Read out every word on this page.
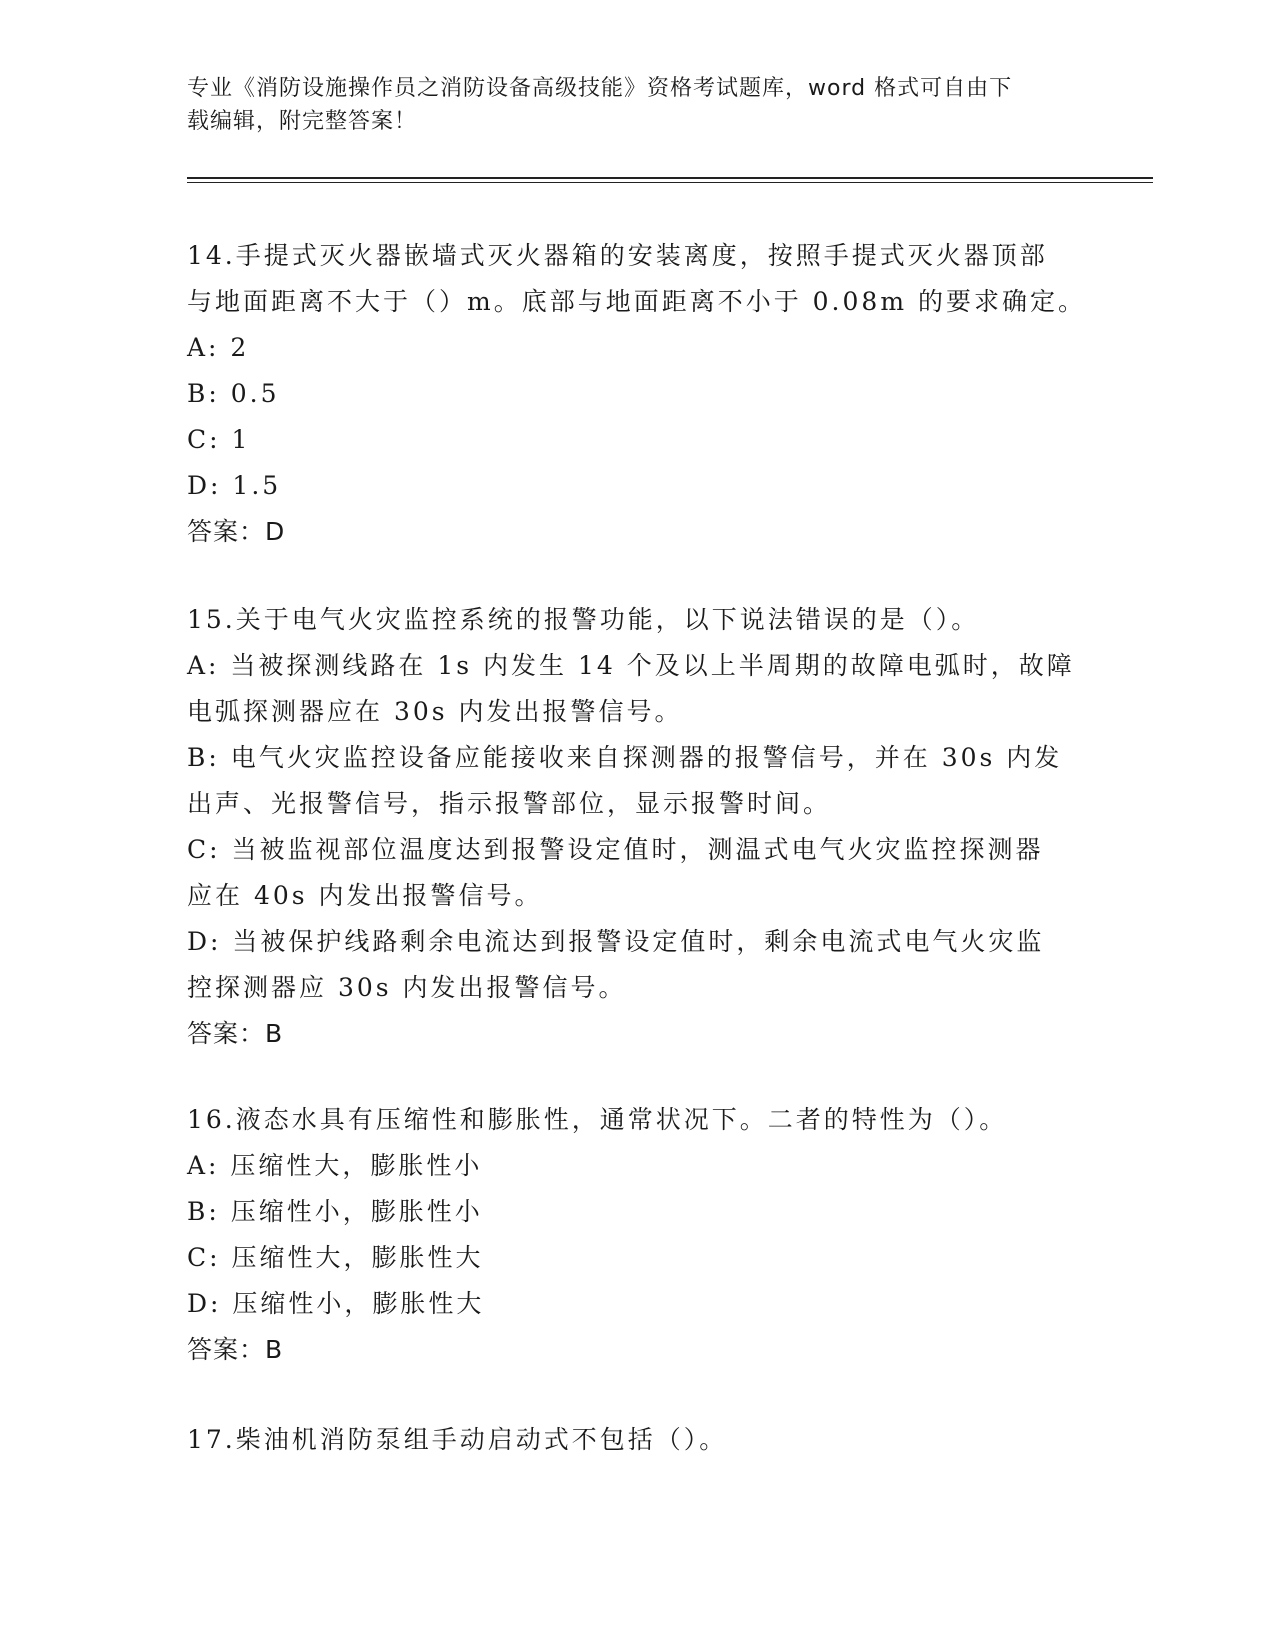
专业《消防设施操作员之消防设备高级技能》资格考试题库，word 格式可自由下
载编辑，附完整答案！
14.手提式灭火器嵌墙式灭火器箱的安装离度，按照手提式灭火器顶部
与地面距离不大于（）m。底部与地面距离不小于 0.08m 的要求确定。
A: 2
B: 0.5
C: 1
D: 1.5
答案：D
15.关于电气火灾监控系统的报警功能，以下说法错误的是（）。
A: 当被探测线路在 1s 内发生 14 个及以上半周期的故障电弧时，故障
电弧探测器应在 30s 内发出报警信号。
B: 电气火灾监控设备应能接收来自探测器的报警信号，并在 30s 内发
出声、光报警信号，指示报警部位，显示报警时间。
C: 当被监视部位温度达到报警设定值时，测温式电气火灾监控探测器
应在 40s 内发出报警信号。
D: 当被保护线路剩余电流达到报警设定值时，剩余电流式电气火灾监
控探测器应 30s 内发出报警信号。
答案：B
16.液态水具有压缩性和膨胀性，通常状况下。二者的特性为（）。
A: 压缩性大，膨胀性小
B: 压缩性小，膨胀性小
C: 压缩性大，膨胀性大
D: 压缩性小，膨胀性大
答案：B
17.柴油机消防泵组手动启动式不包括（）。
